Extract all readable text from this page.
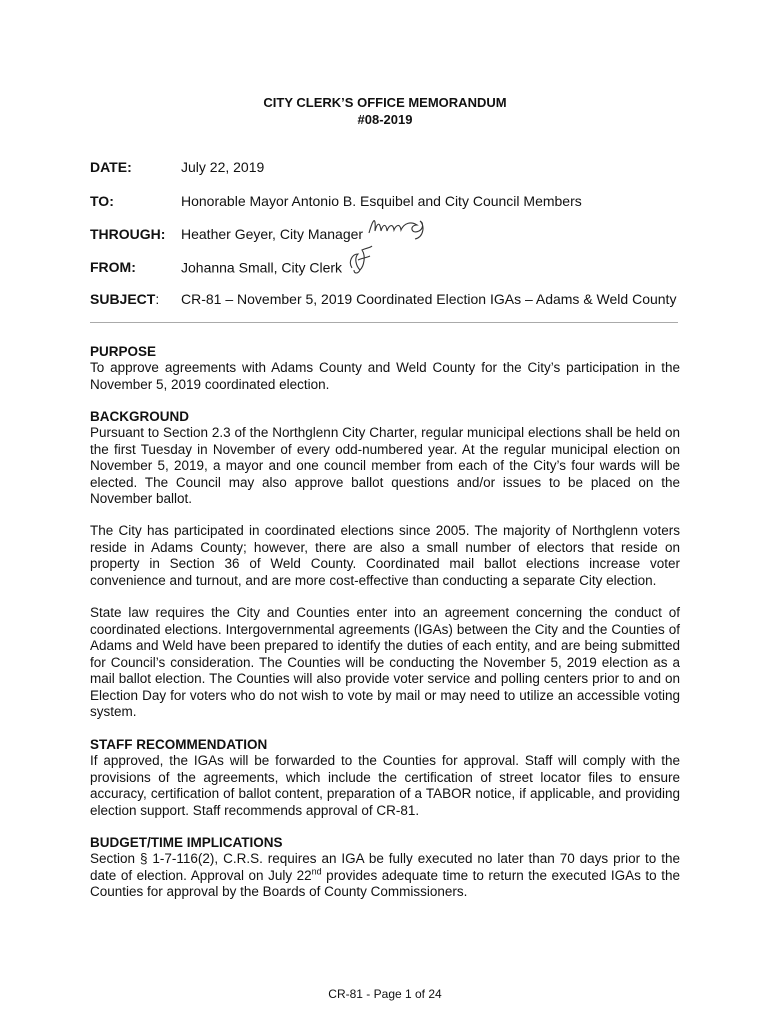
CITY CLERK’S OFFICE MEMORANDUM
#08-2019
DATE:	July 22, 2019
TO:	Honorable Mayor Antonio B. Esquibel and City Council Members
THROUGH: Heather Geyer, City Manager
FROM:	Johanna Small, City Clerk
SUBJECT: CR-81 – November 5, 2019 Coordinated Election IGAs – Adams & Weld County
PURPOSE

To approve agreements with Adams County and Weld County for the City’s participation in the November 5, 2019 coordinated election.

BACKGROUND

Pursuant to Section 2.3 of the Northglenn City Charter, regular municipal elections shall be held on the first Tuesday in November of every odd-numbered year. At the regular municipal election on November 5, 2019, a mayor and one council member from each of the City’s four wards will be elected. The Council may also approve ballot questions and/or issues to be placed on the November ballot.

The City has participated in coordinated elections since 2005. The majority of Northglenn voters reside in Adams County; however, there are also a small number of electors that reside on property in Section 36 of Weld County. Coordinated mail ballot elections increase voter convenience and turnout, and are more cost-effective than conducting a separate City election.

State law requires the City and Counties enter into an agreement concerning the conduct of coordinated elections. Intergovernmental agreements (IGAs) between the City and the Counties of Adams and Weld have been prepared to identify the duties of each entity, and are being submitted for Council’s consideration. The Counties will be conducting the November 5, 2019 election as a mail ballot election. The Counties will also provide voter service and polling centers prior to and on Election Day for voters who do not wish to vote by mail or may need to utilize an accessible voting system.

STAFF RECOMMENDATION

If approved, the IGAs will be forwarded to the Counties for approval. Staff will comply with the provisions of the agreements, which include the certification of street locator files to ensure accuracy, certification of ballot content, preparation of a TABOR notice, if applicable, and providing election support. Staff recommends approval of CR-81.

BUDGET/TIME IMPLICATIONS

Section § 1-7-116(2), C.R.S. requires an IGA be fully executed no later than 70 days prior to the date of election. Approval on July 22nd provides adequate time to return the executed IGAs to the Counties for approval by the Boards of County Commissioners.

CR-81 - Page 1 of 24
